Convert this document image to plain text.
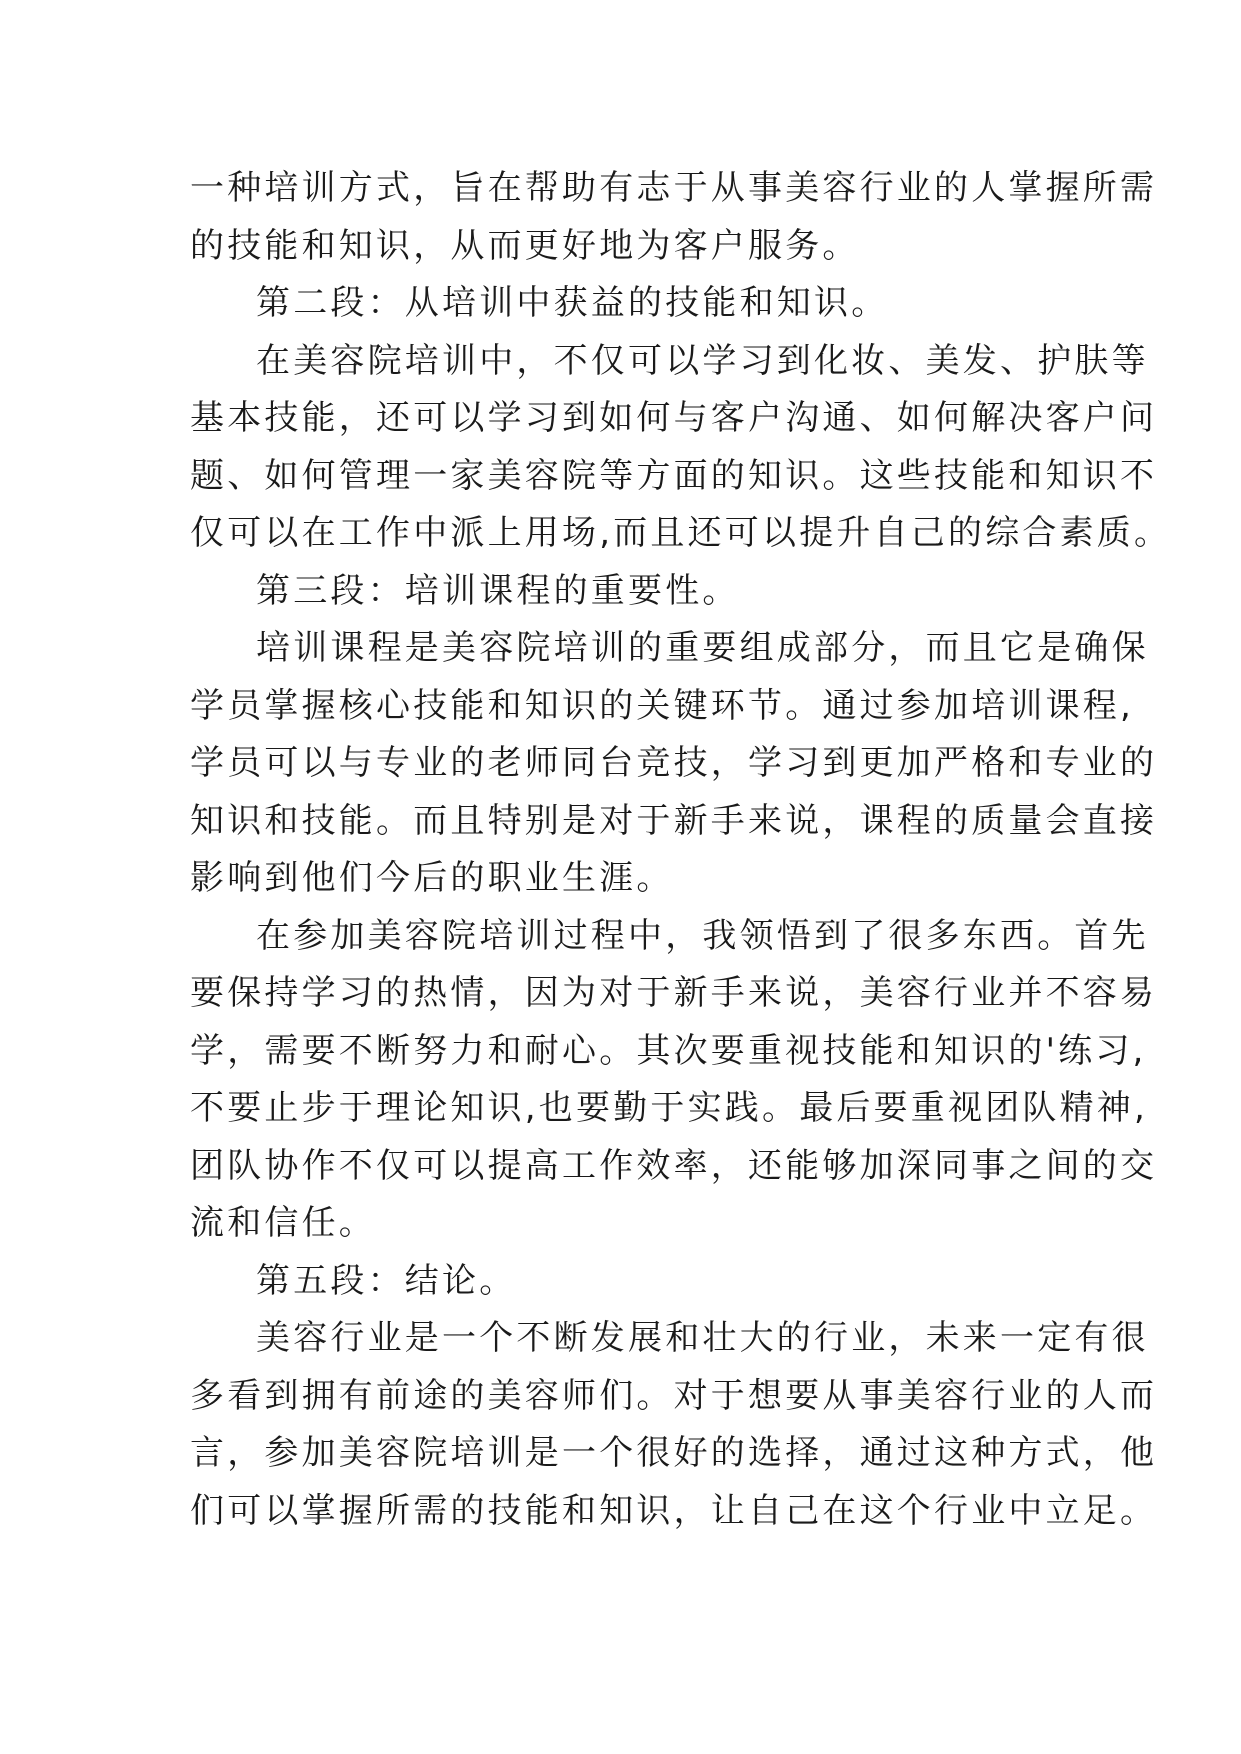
一种培训方式，旨在帮助有志于从事美容行业的人掌握所需
的技能和知识，从而更好地为客户服务。
第二段：从培训中获益的技能和知识。
在美容院培训中，不仅可以学习到化妆、美发、护肤等
基本技能，还可以学习到如何与客户沟通、如何解决客户问
题、如何管理一家美容院等方面的知识。这些技能和知识不
仅可以在工作中派上用场,而且还可以提升自己的综合素质。
第三段：培训课程的重要性。
培训课程是美容院培训的重要组成部分，而且它是确保
学员掌握核心技能和知识的关键环节。通过参加培训课程,
学员可以与专业的老师同台竞技，学习到更加严格和专业的
知识和技能。而且特别是对于新手来说，课程的质量会直接
影响到他们今后的职业生涯。
在参加美容院培训过程中，我领悟到了很多东西。首先
要保持学习的热情，因为对于新手来说，美容行业并不容易
学，需要不断努力和耐心。其次要重视技能和知识的'练习,
不要止步于理论知识,也要勤于实践。最后要重视团队精神,
团队协作不仅可以提高工作效率，还能够加深同事之间的交
流和信任。
第五段：结论。
美容行业是一个不断发展和壮大的行业，未来一定有很
多看到拥有前途的美容师们。对于想要从事美容行业的人而
言，参加美容院培训是一个很好的选择，通过这种方式，他
们可以掌握所需的技能和知识，让自己在这个行业中立足。
